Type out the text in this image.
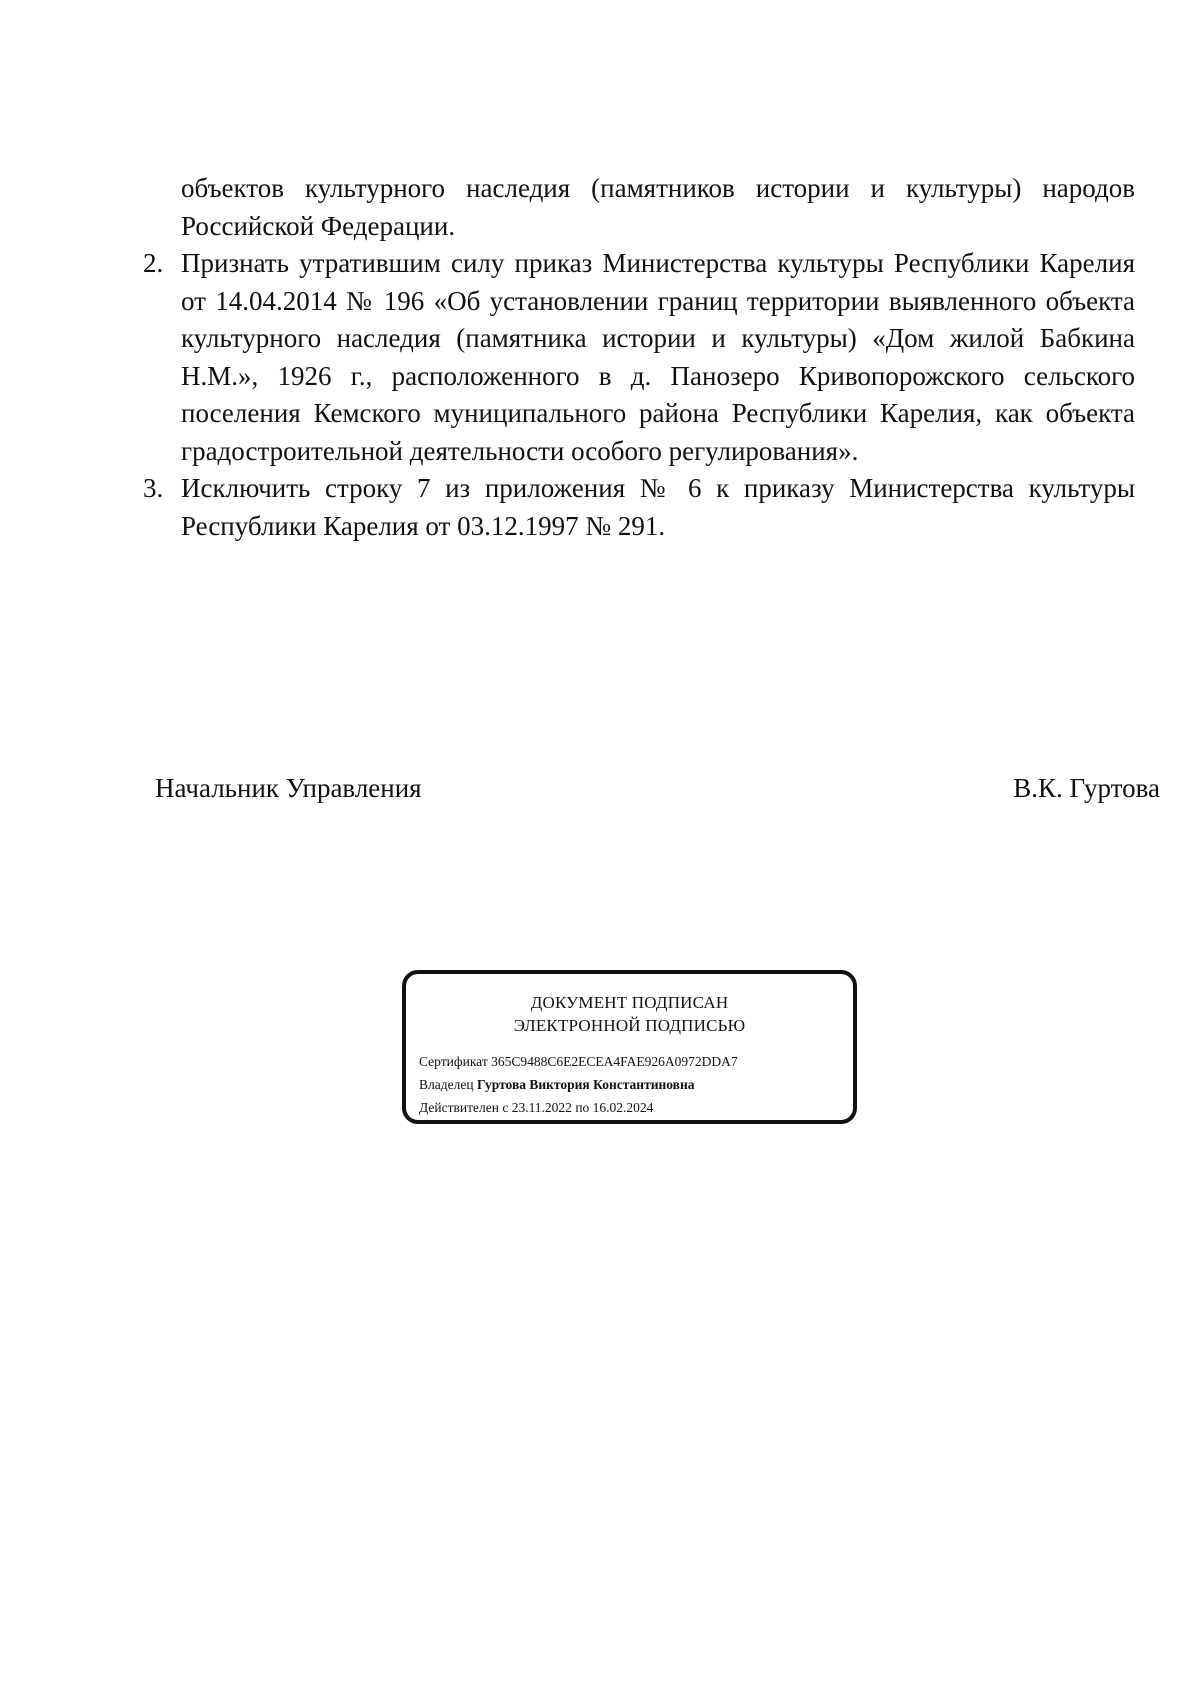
объектов культурного наследия (памятников истории и культуры) народов Российской Федерации.

2. Признать утратившим силу приказ Министерства культуры Республики Карелия от 14.04.2014 № 196 «Об установлении границ территории выявленного объекта культурного наследия (памятника истории и культуры) «Дом жилой Бабкина Н.М.», 1926 г., расположенного в д. Панозеро Кривопорожского сельского поселения Кемского муниципального района Республики Карелия, как объекта градостроительной деятельности особого регулирования».
3. Исключить строку 7 из приложения № 6 к приказу Министерства культуры Республики Карелия от 03.12.1997 № 291.
Начальник Управления	В.К. Гуртова
ДОКУМЕНТ ПОДПИСАН
ЭЛЕКТРОННОЙ ПОДПИСЬЮ
Сертификат 365C9488C6E2ECEA4FAE926A0972DDA7
Владелец Гуртова Виктория Константиновна
Действителен с 23.11.2022 по 16.02.2024
